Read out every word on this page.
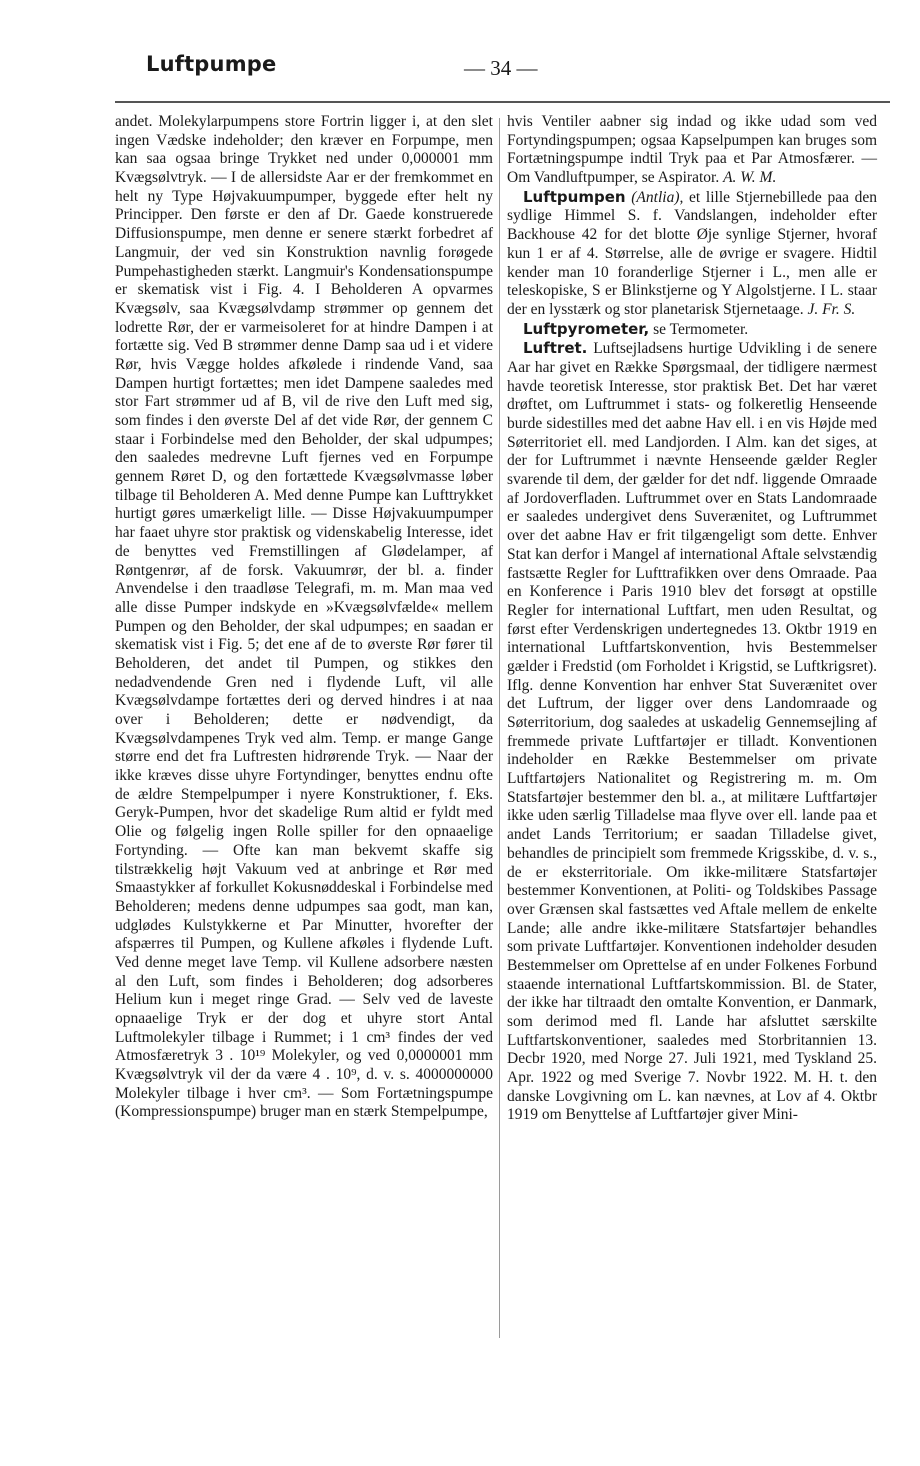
Luftpumpe	— 34 —

andet. Molekylarpumpens store Fortrin ligger i, at den slet ingen Vædske indeholder; den kræver en Forpumpe, men kan saa ogsaa bringe Trykket ned under 0,000001 mm Kvægsølvtryk. — I de allersidste Aar er der fremkommet en helt ny Type Højvakuumpumper, byggede efter helt ny Principper. Den første er den af Dr. Gaede konstruerede Diffusionspumpe, men denne er senere stærkt forbedret af Langmuir, der ved sin Konstruktion navnlig forøgede Pumpehastigheden stærkt. Langmuir's Kondensationspumpe er skematisk vist i Fig. 4. I Beholderen A opvarmes Kvægsølv, saa Kvægsølvdamp strømmer op gennem det lodrette Rør, der er varmeisoleret for at hindre Dampen i at fortætte sig. Ved B strømmer denne Damp saa ud i et videre Rør, hvis Vægge holdes afkølede i rindende Vand, saa Dampen hurtigt fortættes; men idet Dampene saaledes med stor Fart strømmer ud af B, vil de rive den Luft med sig, som findes i den øverste Del af det vide Rør, der gennem C staar i Forbindelse med den Beholder, der skal udpumpes; den saaledes medrevne Luft fjernes ved en Forpumpe gennem Røret D, og den fortættede Kvægsølvmasse løber tilbage til Beholderen A. Med denne Pumpe kan Lufttrykket hurtigt gøres umærkeligt lille. — Disse Højvakuumpumper har faaet uhyre stor praktisk og videnskabelig Interesse, idet de benyttes ved Fremstillingen af Glødelamper, af Røntgenrør, af de forsk. Vakuumrør, der bl. a. finder Anvendelse i den traadløse Telegrafi, m. m. Man maa ved alle disse Pumper indskyde en »Kvægsølvfælde« mellem Pumpen og den Beholder, der skal udpumpes; en saadan er skematisk vist i Fig. 5; det ene af de to øverste Rør fører til Beholderen, det andet til Pumpen, og stikkes den nedadvendende Gren ned i flydende Luft, vil alle Kvægsølvdampe fortættes deri og derved hindres i at naa over i Beholderen; dette er nødvendigt, da Kvægsølvdampenes Tryk ved alm. Temp. er mange Gange større end det fra Luftresten hidrørende Tryk. — Naar der ikke kræves disse uhyre Fortyndinger, benyttes endnu ofte de ældre Stempelpumper i nyere Konstruktioner, f. Eks. Geryk-Pumpen, hvor det skadelige Rum altid er fyldt med Olie og følgelig ingen Rolle spiller for den opnaaelige Fortynding. — Ofte kan man bekvemt skaffe sig tilstrækkelig højt Vakuum ved at anbringe et Rør med Smaastykker af forkullet Kokusnøddeskal i Forbindelse med Beholderen; medens denne udpumpes saa godt, man kan, udglødes Kulstykkerne et Par Minutter, hvorefter der afspærres til Pumpen, og Kullene afkøles i flydende Luft. Ved denne meget lave Temp. vil Kullene adsorbere næsten al den Luft, som findes i Beholderen; dog adsorberes Helium kun i meget ringe Grad. — Selv ved de laveste opnaaelige Tryk er der dog et uhyre stort Antal Luftmolekyler tilbage i Rummet; i 1 cm³ findes der ved Atmosfæretryk 3 . 10¹⁹ Molekyler, og ved 0,0000001 mm Kvægsølvtryk vil der da være 4 . 10⁹, d. v. s. 4000000000 Molekyler tilbage i hver cm³. — Som Fortætningspumpe (Kompressionspumpe) bruger man en stærk Stempelpumpe,

hvis Ventiler aabner sig indad og ikke udad som ved Fortyndingspumpen; ogsaa Kapselpumpen kan bruges som Fortætningspumpe indtil Tryk paa et Par Atmosfærer. — Om Vandluftpumper, se Aspirator. A. W. M.

Luftpumpen (Antlia), et lille Stjernebillede paa den sydlige Himmel S. f. Vandslangen, indeholder efter Backhouse 42 for det blotte Øje synlige Stjerner, hvoraf kun 1 er af 4. Størrelse, alle de øvrige er svagere. Hidtil kender man 10 foranderlige Stjerner i L., men alle er teleskopiske, S er Blinkstjerne og Y Algolstjerne. I L. staar der en lysstærk og stor planetarisk Stjernetaage. J. Fr. S.

Luftpyrometer, se Termometer.

Luftret. Luftsejladsens hurtige Udvikling i de senere Aar har givet en Række Spørgsmaal, der tidligere nærmest havde teoretisk Interesse, stor praktisk Bet. Det har været drøftet, om Luftrummet i stats- og folkeretlig Henseende burde sidestilles med det aabne Hav ell. i en vis Højde med Søterritoriet ell. med Landjorden. I Alm. kan det siges, at der for Luftrummet i nævnte Henseende gælder Regler svarende til dem, der gælder for det ndf. liggende Omraade af Jordoverfladen. Luftrummet over en Stats Landomraade er saaledes undergivet dens Suverænitet, og Luftrummet over det aabne Hav er frit tilgængeligt som dette. Enhver Stat kan derfor i Mangel af international Aftale selvstændig fastsætte Regler for Lufttrafikken over dens Omraade. Paa en Konference i Paris 1910 blev det forsøgt at opstille Regler for international Luftfart, men uden Resultat, og først efter Verdenskrigen undertegnedes 13. Oktbr 1919 en international Luftfartskonvention, hvis Bestemmelser gælder i Fredstid (om Forholdet i Krigstid, se Luftkrigsret). Iflg. denne Konvention har enhver Stat Suverænitet over det Luftrum, der ligger over dens Landomraade og Søterritorium, dog saaledes at uskadelig Gennemsejling af fremmede private Luftfartøjer er tilladt. Konventionen indeholder en Række Bestemmelser om private Luftfartøjers Nationalitet og Registrering m. m. Om Statsfartøjer bestemmer den bl. a., at militære Luftfartøjer ikke uden særlig Tilladelse maa flyve over ell. lande paa et andet Lands Territorium; er saadan Tilladelse givet, behandles de principielt som fremmede Krigsskibe, d. v. s., de er eksterritoriale. Om ikke-militære Statsfartøjer bestemmer Konventionen, at Politi- og Toldskibes Passage over Grænsen skal fastsættes ved Aftale mellem de enkelte Lande; alle andre ikke-militære Statsfartøjer behandles som private Luftfartøjer. Konventionen indeholder desuden Bestemmelser om Oprettelse af en under Folkenes Forbund staaende international Luftfartskommission. Bl. de Stater, der ikke har tiltraadt den omtalte Konvention, er Danmark, som derimod med fl. Lande har afsluttet særskilte Luftfartskonventioner, saaledes med Storbritannien 13. Decbr 1920, med Norge 27. Juli 1921, med Tyskland 25. Apr. 1922 og med Sverige 7. Novbr 1922. M. H. t. den danske Lovgivning om L. kan nævnes, at Lov af 4. Oktbr 1919 om Benyttelse af Luftfartøjer giver Mini-
